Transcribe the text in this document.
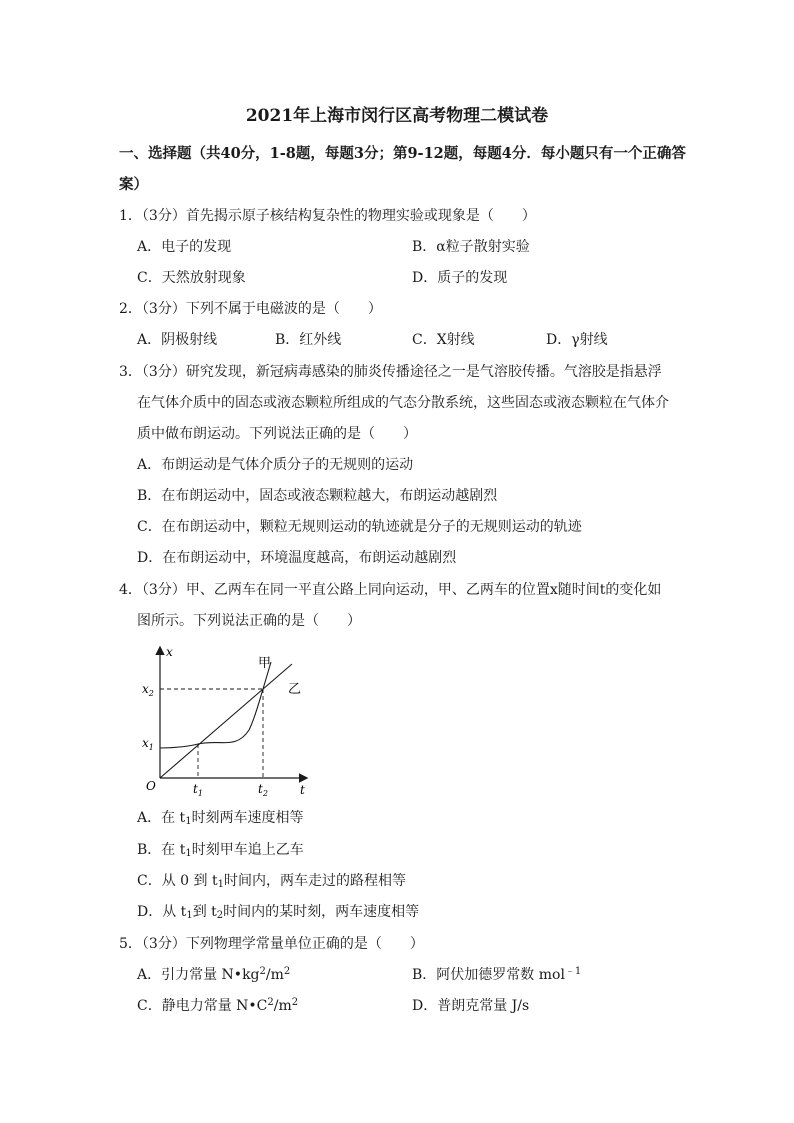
2021年上海市闵行区高考物理二模试卷
一、选择题（共40分，1-8题，每题3分；第9-12题，每题4分．每小题只有一个正确答
案）
1．（3分）首先揭示原子核结构复杂性的物理实验或现象是（　　）
A．电子的发现	B．α粒子散射实验
C．天然放射现象	D．质子的发现
2．（3分）下列不属于电磁波的是（　　）
A．阴极射线	B．红外线	C．X射线	D．γ射线
3．（3分）研究发现，新冠病毒感染的肺炎传播途径之一是气溶胶传播。气溶胶是指悬浮
在气体介质中的固态或液态颗粒所组成的气态分散系统，这些固态或液态颗粒在气体介
质中做布朗运动。下列说法正确的是（　　）
A．布朗运动是气体介质分子的无规则的运动
B．在布朗运动中，固态或液态颗粒越大，布朗运动越剧烈
C．在布朗运动中，颗粒无规则运动的轨迹就是分子的无规则运动的轨迹
D．在布朗运动中，环境温度越高，布朗运动越剧烈
4．（3分）甲、乙两车在同一平直公路上同向运动，甲、乙两车的位置x随时间t的变化如
图所示。下列说法正确的是（　　）
x
t
O
$x_2$
$x_1$
$t_1$	$t_2$
甲
乙
A．在 $t_1$时刻两车速度相等
B．在 $t_1$时刻甲车追上乙车
C．从 0 到 $t_1$时间内，两车走过的路程相等
D．从 $t_1$到 $t_2$时间内的某时刻，两车速度相等
5．（3分）下列物理学常量单位正确的是（　　）
A．引力常量 $N•kg^2/m^2$	B．阿伏加德罗常数 mol$^{﹣1}$
C．静电力常量 $N•C^2/m^2$	D．普朗克常量 J/s
